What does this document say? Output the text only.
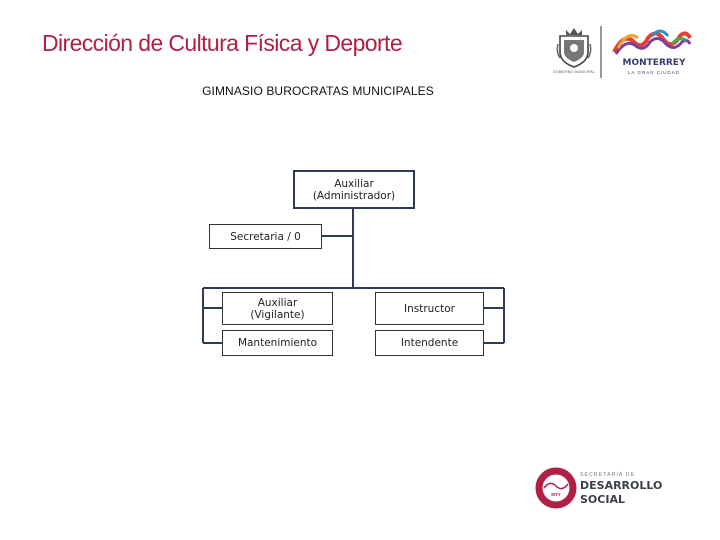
Dirección de Cultura Física y Deporte
GOBIERNO MUNICIPAL
MONTERREY
LA GRAN CIUDAD
GIMNASIO BUROCRATAS MUNICIPALES
Auxiliar
(Administrador)
Secretaria / 0
Auxiliar
(Vigilante)
Mantenimiento
Instructor
Intendente
MTY
SECRETARÍA DE
DESARROLLO
SOCIAL
